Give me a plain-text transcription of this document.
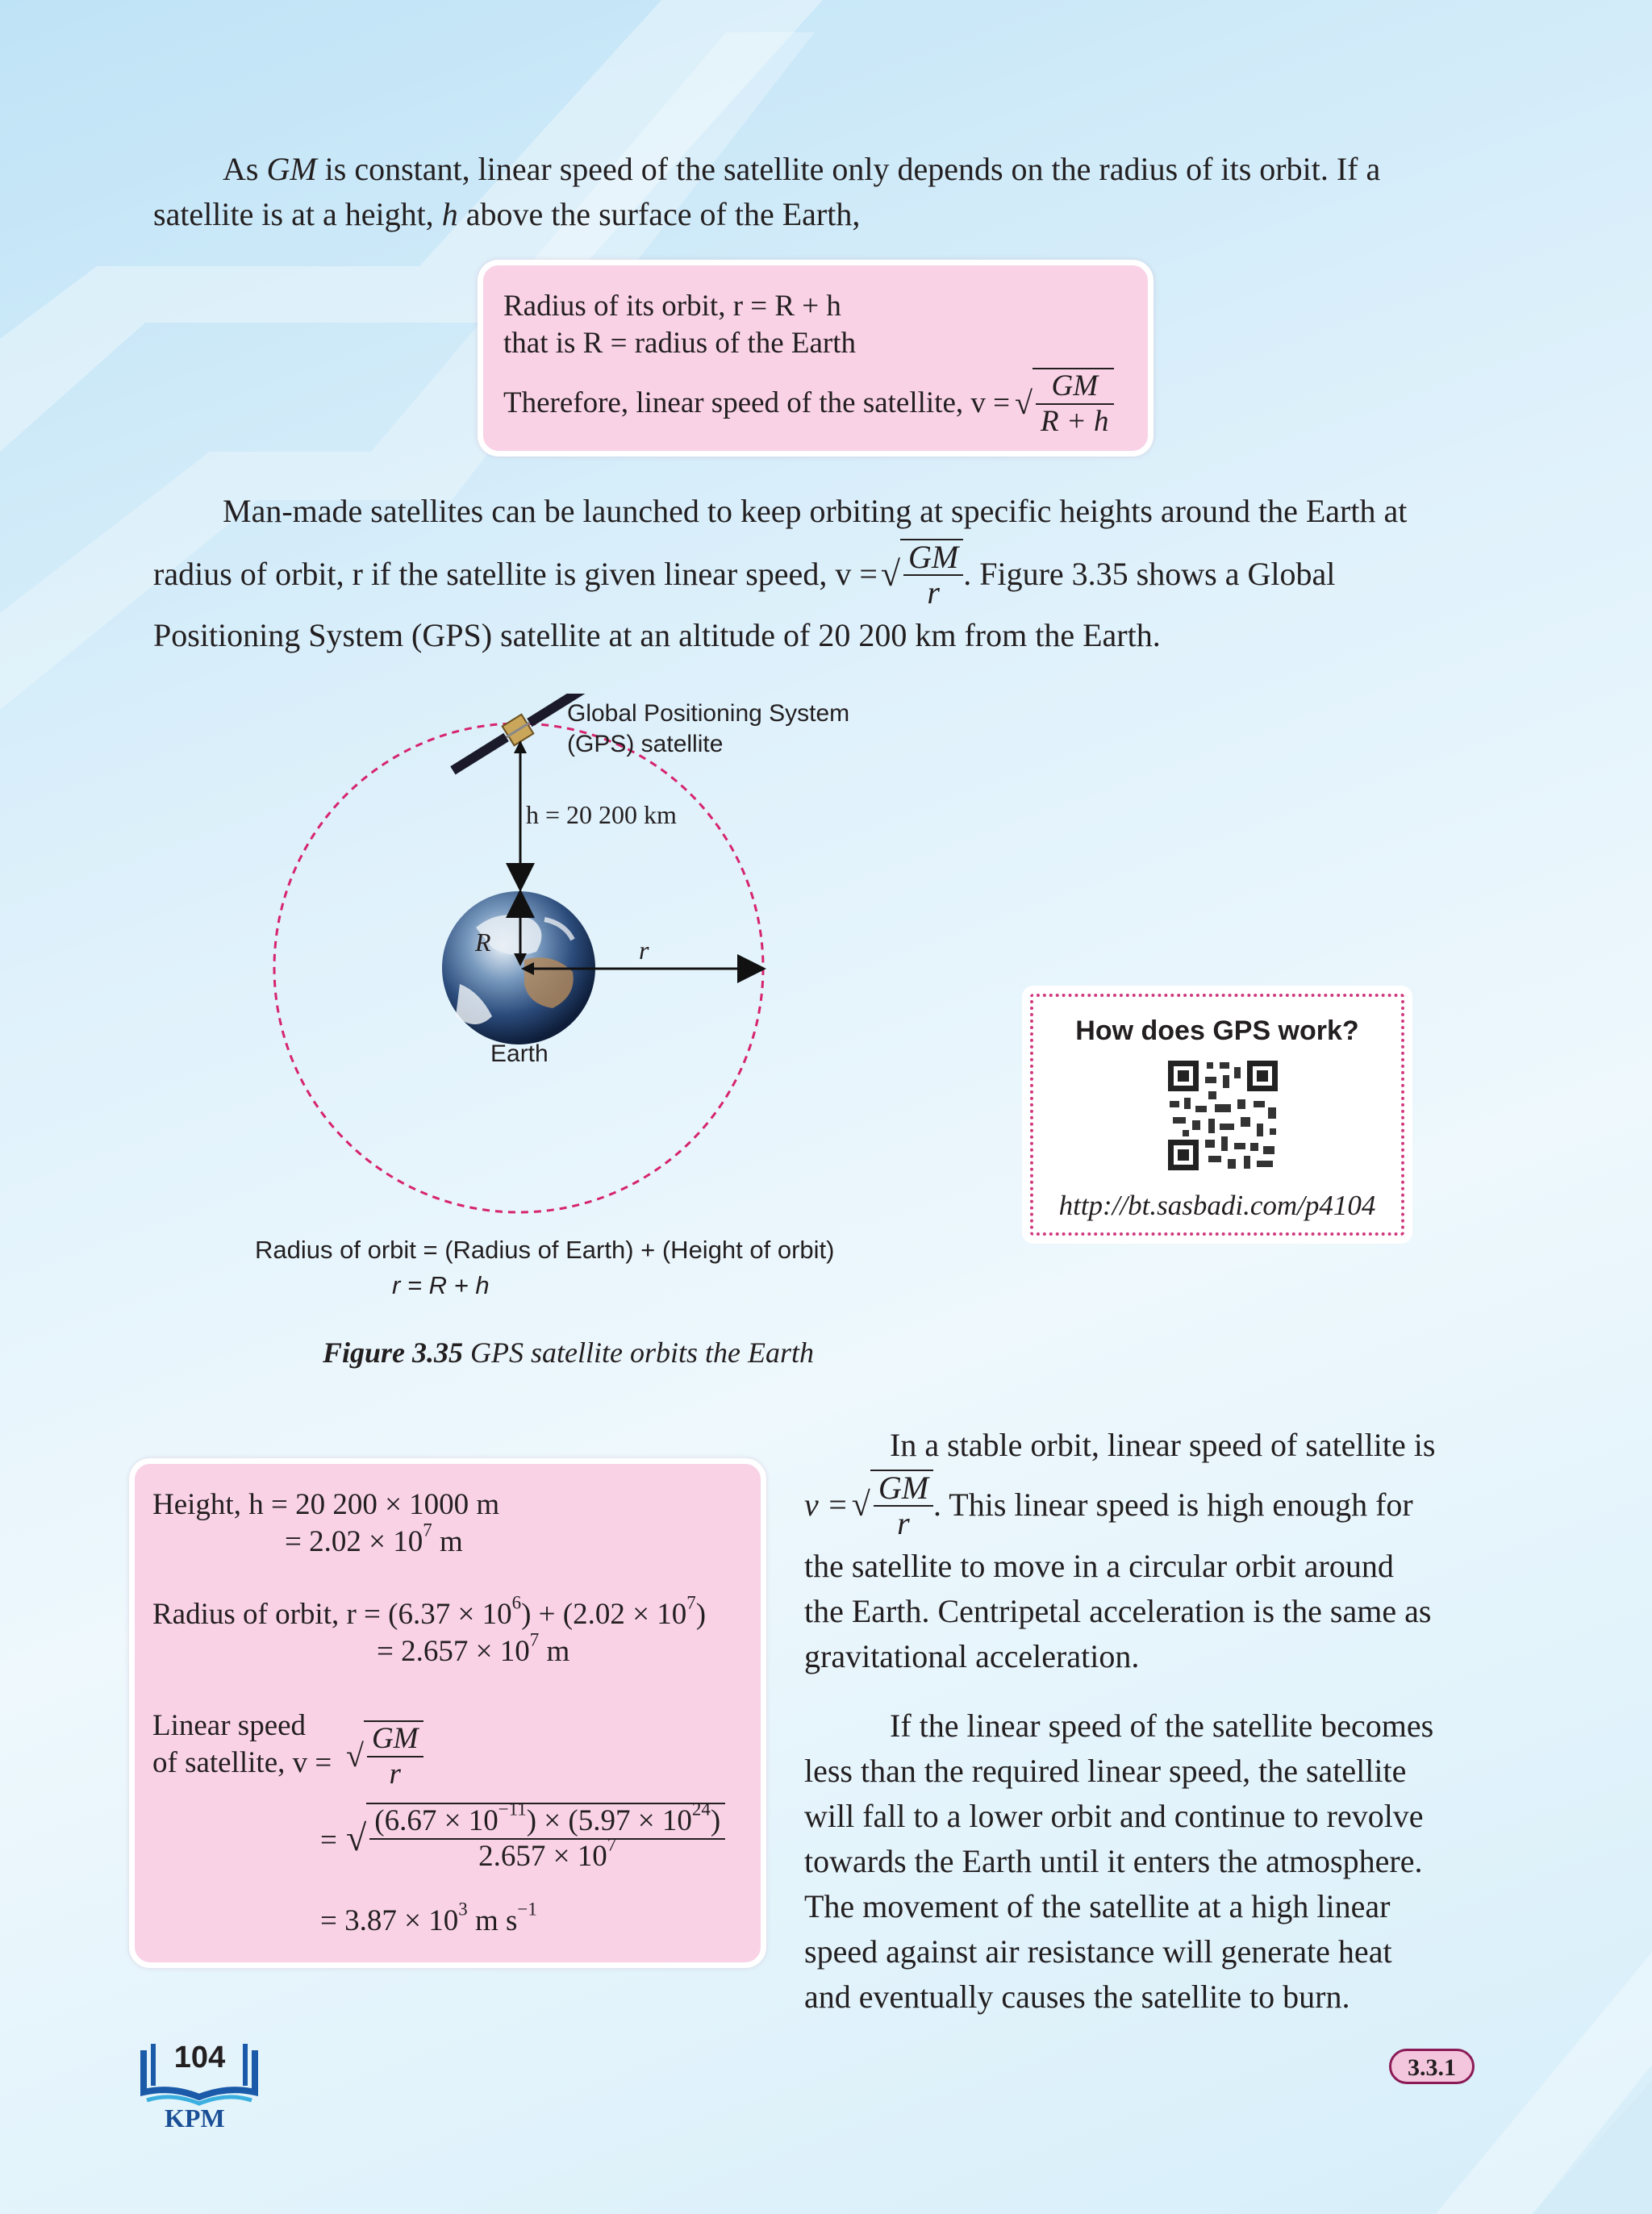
As GM is constant, linear speed of the satellite only depends on the radius of its orbit. If a
satellite is at a height, h above the surface of the Earth,
Radius of its orbit, r = R + h
that is R = radius of the Earth
Therefore, linear speed of the satellite, v = √ $\frac{GM}{R + h}$
Man-made satellites can be launched to keep orbiting at specific heights around the Earth at
radius of orbit, r if the satellite is given linear speed, v = √ $\frac{GM}{r}$ . Figure 3.35 shows a Global
Positioning System (GPS) satellite at an altitude of 20 200 km from the Earth.
Global Positioning System
(GPS) satellite
h = 20 200 km
R	r
Earth
Radius of orbit = (Radius of Earth) + (Height of orbit)
r = R + h
Figure 3.35 GPS satellite orbits the Earth
How does GPS work?
http://bt.sasbadi.com/p4104
Height, h = 20 200 × 1000 m
= $2.02 \times 10^7$ m
Radius of orbit, $r = (6.37 \times 10^6) + (2.02 \times 10^7)$
= $2.657 \times 10^7$ m
Linear speed
of satellite, v = √ $\frac{GM}{r}$
= √ $\frac{(6.67 \times 10^{-11}) \times (5.97 \times 10^{24})}{2.657 \times 10^7}$
= $3.87 \times 10^3$ m $s^{-1}$
In a stable orbit, linear speed of satellite is
v = √ $\frac{GM}{r}$ . This linear speed is high enough for
the satellite to move in a circular orbit around
the Earth. Centripetal acceleration is the same as
gravitational acceleration.
If the linear speed of the satellite becomes
less than the required linear speed, the satellite
will fall to a lower orbit and continue to revolve
towards the Earth until it enters the atmosphere.
The movement of the satellite at a high linear
speed against air resistance will generate heat
and eventually causes the satellite to burn.
104
KPM
3.3.1
